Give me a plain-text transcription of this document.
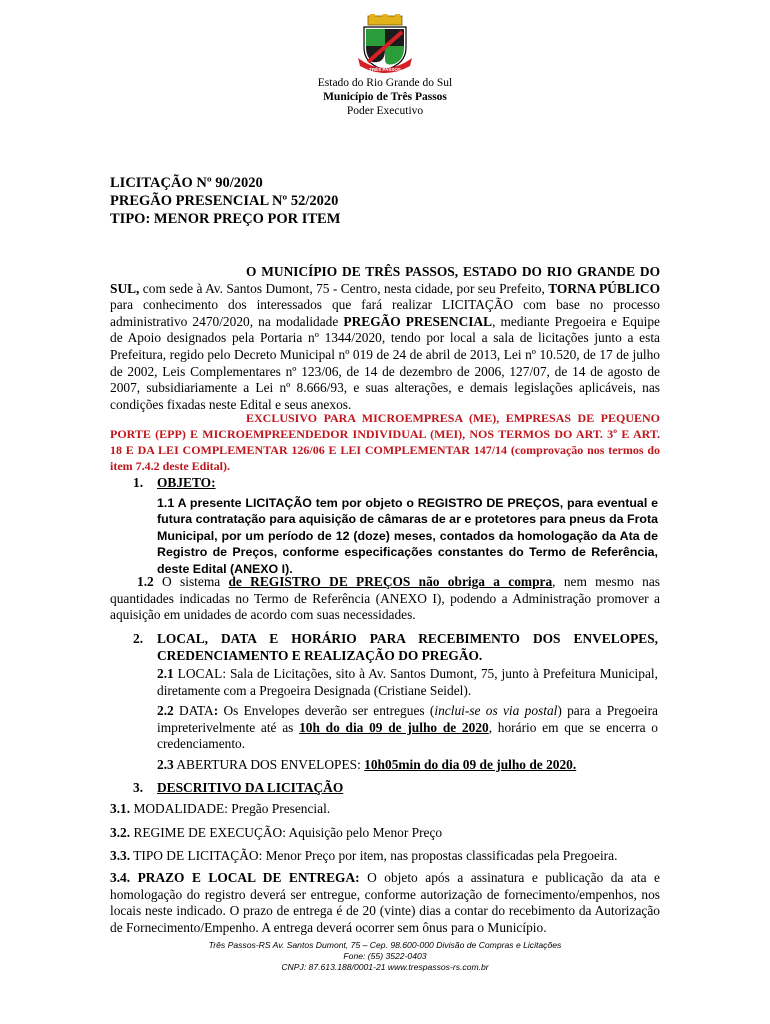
TRÊS PASSOS
Estado do Rio Grande do Sul
Município de Três Passos
Poder Executivo
LICITAÇÃO Nº 90/2020
PREGÃO PRESENCIAL Nº 52/2020
TIPO: MENOR PREÇO POR ITEM
O MUNICÍPIO DE TRÊS PASSOS, ESTADO DO RIO GRANDE DO SUL, com sede à Av. Santos Dumont, 75 - Centro, nesta cidade, por seu Prefeito, TORNA PÚBLICO para conhecimento dos interessados que fará realizar LICITAÇÃO com base no processo administrativo 2470/2020, na modalidade PREGÃO PRESENCIAL, mediante Pregoeira e Equipe de Apoio designados pela Portaria nº 1344/2020, tendo por local a sala de licitações junto a esta Prefeitura, regido pelo Decreto Municipal nº 019 de 24 de abril de 2013, Lei nº 10.520, de 17 de julho de 2002, Leis Complementares nº 123/06, de 14 de dezembro de 2006, 127/07, de 14 de agosto de 2007, subsidiariamente a Lei nº 8.666/93, e suas alterações, e demais legislações aplicáveis, nas condições fixadas neste Edital e seus anexos.
EXCLUSIVO PARA MICROEMPRESA (ME), EMPRESAS DE PEQUENO PORTE (EPP) E MICROEMPREENDEDOR INDIVIDUAL (MEI), NOS TERMOS DO ART. 3º E ART. 18 E DA LEI COMPLEMENTAR 126/06 E LEI COMPLEMENTAR 147/14 (comprovação nos termos do item 7.4.2 deste Edital).
1. OBJETO:
1.1 A presente LICITAÇÃO tem por objeto o REGISTRO DE PREÇOS, para eventual e futura contratação para aquisição de câmaras de ar e protetores para pneus da Frota Municipal, por um período de 12 (doze) meses, contados da homologação da Ata de Registro de Preços, conforme especificações constantes do Termo de Referência, deste Edital (ANEXO I).
1.2 O sistema de REGISTRO DE PREÇOS não obriga a compra, nem mesmo nas quantidades indicadas no Termo de Referência (ANEXO I), podendo a Administração promover a aquisição em unidades de acordo com suas necessidades.
2. LOCAL, DATA E HORÁRIO PARA RECEBIMENTO DOS ENVELOPES, CREDENCIAMENTO E REALIZAÇÃO DO PREGÃO.
2.1 LOCAL: Sala de Licitações, sito à Av. Santos Dumont, 75, junto à Prefeitura Municipal, diretamente com a Pregoeira Designada (Cristiane Seidel).
2.2 DATA: Os Envelopes deverão ser entregues (inclui-se os via postal) para a Pregoeira impreterivelmente até as 10h do dia 09 de julho de 2020, horário em que se encerra o credenciamento.
2.3 ABERTURA DOS ENVELOPES: 10h05min do dia 09 de julho de 2020.
3. DESCRITIVO DA LICITAÇÃO
3.1. MODALIDADE: Pregão Presencial.
3.2. REGIME DE EXECUÇÃO: Aquisição pelo Menor Preço
3.3. TIPO DE LICITAÇÃO: Menor Preço por item, nas propostas classificadas pela Pregoeira.
3.4. PRAZO E LOCAL DE ENTREGA: O objeto após a assinatura e publicação da ata e homologação do registro deverá ser entregue, conforme autorização de fornecimento/empenhos, nos locais neste indicado. O prazo de entrega é de 20 (vinte) dias a contar do recebimento da Autorização de Fornecimento/Empenho. A entrega deverá ocorrer sem ônus para o Município.
Três Passos-RS Av. Santos Dumont, 75 – Cep. 98.600-000 Divisão de Compras e Licitações
Fone: (55) 3522-0403
CNPJ: 87.613.188/0001-21 www.trespassos-rs.com.br
